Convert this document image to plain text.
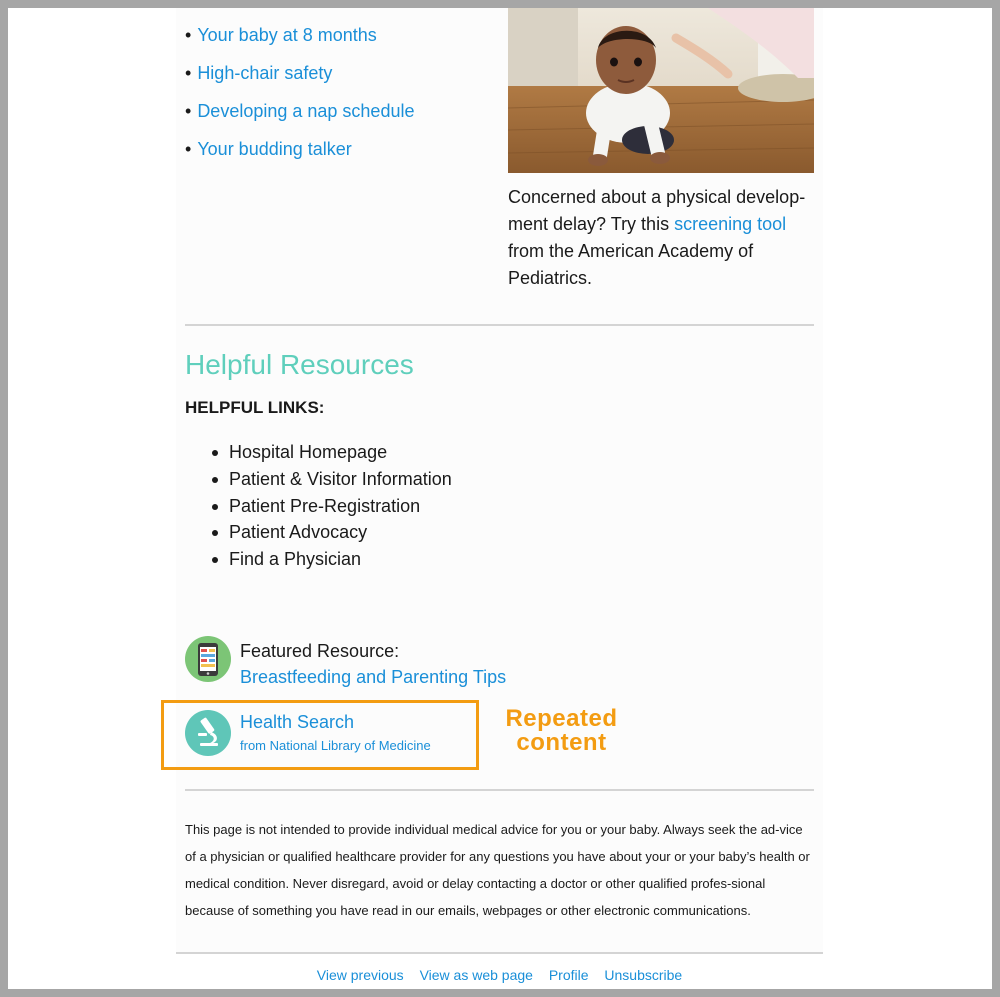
• Your baby at 8 months
• High-chair safety
• Developing a nap schedule
• Your budding talker
Concerned about a physical develop-ment delay? Try this screening tool from the American Academy of Pediatrics.
Helpful Resources
HELPFUL LINKS:
Hospital Homepage
Patient & Visitor Information
Patient Pre-Registration
Patient Advocacy
Find a Physician
Featured Resource:
Breastfeeding and Parenting Tips
Health Search
from National Library of Medicine
Repeated
content
This page is not intended to provide individual medical advice for you or your baby. Always seek the ad-vice of a physician or qualified healthcare provider for any questions you have about your or your baby’s health or medical condition. Never disregard, avoid or delay contacting a doctor or other qualified profes-sional because of something you have read in our emails, webpages or other electronic communications.
View previous View as web page Profile Unsubscribe
